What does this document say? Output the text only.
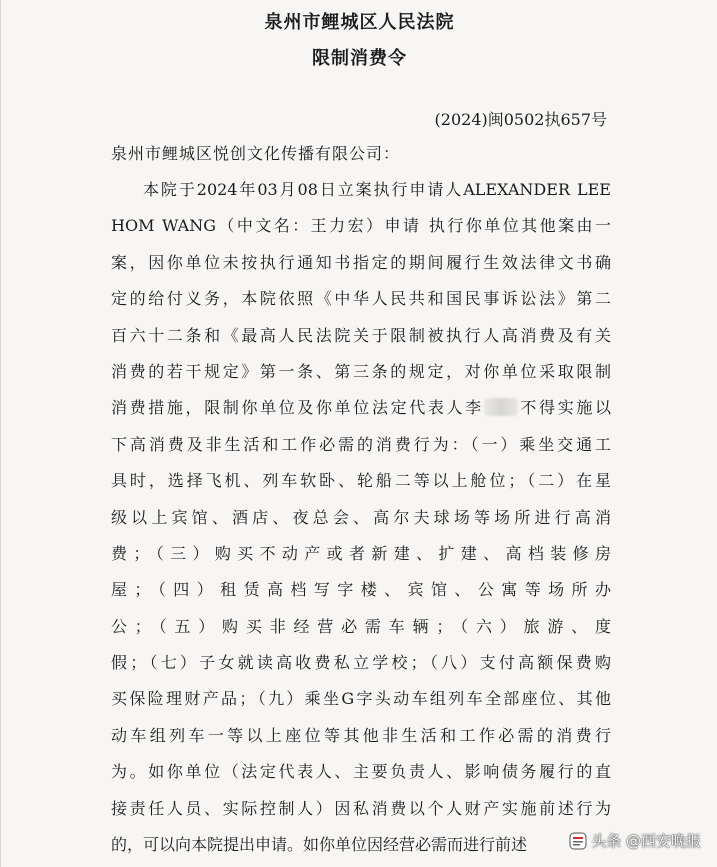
泉州市鲤城区人民法院
限制消费令
(2024)闽0502执657号
泉州市鲤城区悦创文化传播有限公司：
本院于2024年03月08日立案执行申请人ALEXANDER LEE
HOM WANG（中文名：王力宏）申请 执行你单位其他案由一
案，因你单位未按执行通知书指定的期间履行生效法律文书确
定的给付义务，本院依照《中华人民共和国民事诉讼法》第二
百六十二条和《最高人民法院关于限制被执行人高消费及有关
消费的若干规定》第一条、第三条的规定，对你单位采取限制
消费措施，限制你单位及你单位法定代表人李 不得实施以
下高消费及非生活和工作必需的消费行为：（一）乘坐交通工
具时，选择飞机、列车软卧、轮船二等以上舱位；（二）在星
级以上宾馆、酒店、夜总会、高尔夫球场等场所进行高消
费；（三）购买不动产或者新建、扩建、高档装修房
屋；（四）租赁高档写字楼、宾馆、公寓等场所办
公；（五）购买非经营必需车辆；（六）旅游、度
假；（七）子女就读高收费私立学校；（八）支付高额保费购
买保险理财产品；（九）乘坐G字头动车组列车全部座位、其他
动车组列车一等以上座位等其他非生活和工作必需的消费行
为。如你单位（法定代表人、主要负责人、影响债务履行的直
接责任人员、实际控制人）因私消费以个人财产实施前述行为
的，可以向本院提出申请。如你单位因经营必需而进行前述	头条 @西安晚报
